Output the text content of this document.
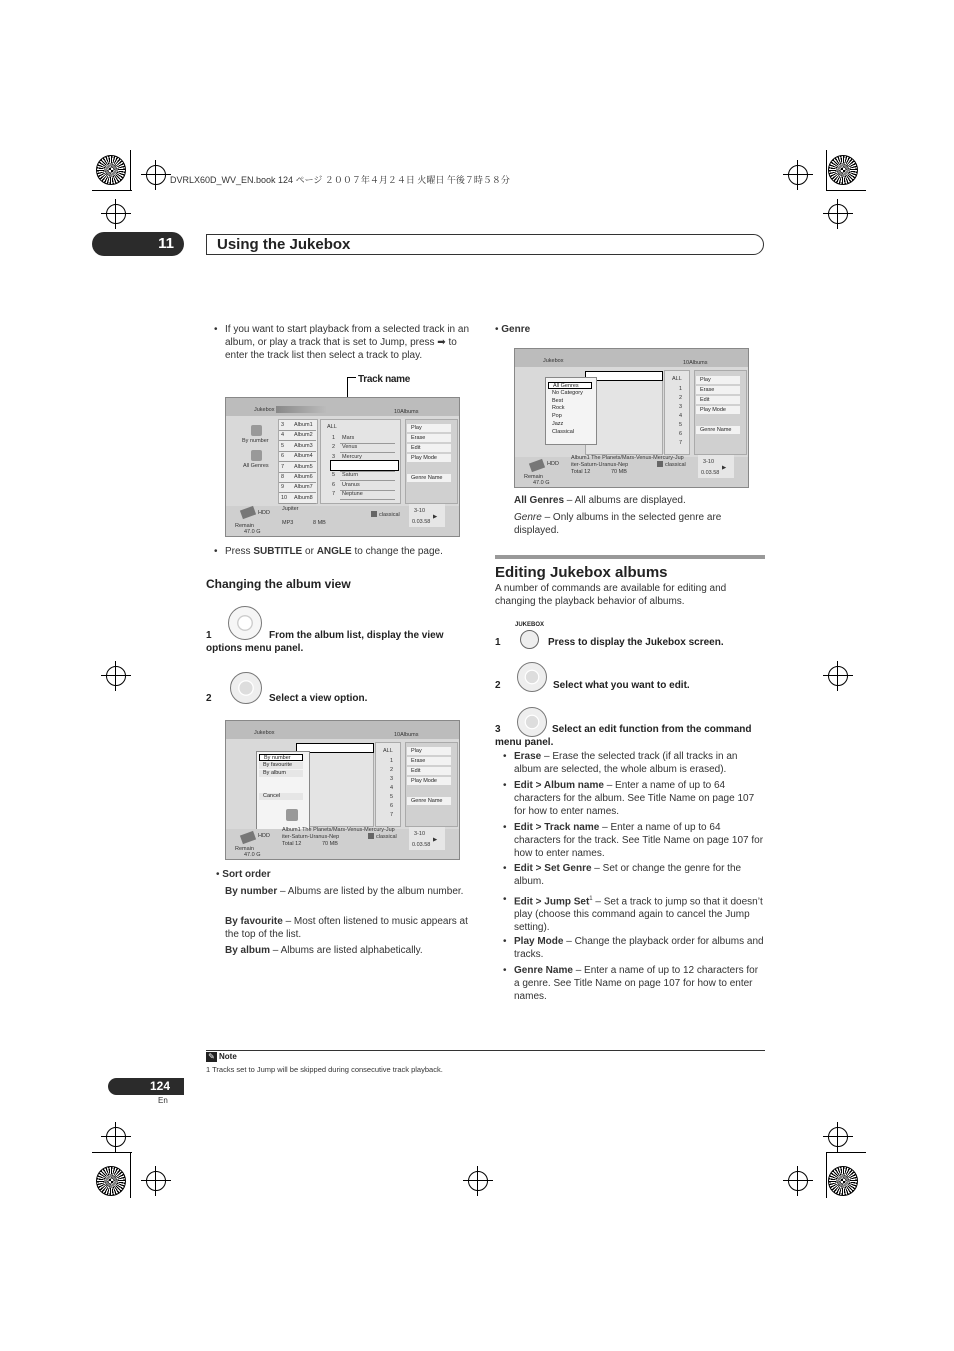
DVRLX60D_WV_EN.book 124 ページ ２００７年４月２４日 火曜日 午後７時５８分
11	Using the Jukebox
• If you want to start playback from a selected track in an album, or play a track that is set to Jump, press ➡ to enter the track list then select a track to play.
Track name
Jukebox	10Albums
By number
All Genres
3 Album1
4 Album2
5 Album3
6 Album4
7 Album5
8 Album6
9 Album7
10 Album8
ALL
1 Mars
2 Venus
3 Mercury
5 Saturn
6 Uranus
7 Neptune
Play
Erase
Edit
Play Mode
Genre Name
HDD
Remain
47.0 G
Jupiter
MP3	8 MB
classical
3-10
0.03.58
▶
• Press SUBTITLE or ANGLE to change the page.
Changing the album view
1	From the album list, display the view options menu panel.
2	Select a view option.
Jukebox	10Albums
ALL
1
2
3
4
5
6
7
Play
Erase
Edit
Play Mode
Genre Name
By number
By favourite
By album
Cancel
HDD
Remain
47.0 G
Album1 The Planets/Mars-Venus-Mercury-Jup
iter-Saturn-Uranus-Nep
Total 12	70 MB
classical	3-10
0.03.58
▶
• Sort order
By number – Albums are listed by the album number.
By favourite – Most often listened to music appears at the top of the list.
By album – Albums are listed alphabetically.
• Genre
Jukebox	10Albums
ALL
1
2
3
4
5
6
7
Play
Erase
Edit
Play Mode
Genre Name
All Genres
No Category
Best
Rock
Pop
Jazz
Classical
HDD
Remain
47.0 G
Album1 The Planets/Mars-Venus-Mercury-Jup
iter-Saturn-Uranus-Nep
Total 12	70 MB
classical	3-10
0.03.58
▶
All Genres – All albums are displayed.
Genre – Only albums in the selected genre are displayed.
Editing Jukebox albums
A number of commands are available for editing and changing the playback behavior of albums.
JUKEBOX
1	Press to display the Jukebox screen.
2	Select what you want to edit.
3	Select an edit function from the command menu panel.
• Erase – Erase the selected track (if all tracks in an album are selected, the whole album is erased).
• Edit > Album name – Enter a name of up to 64 characters for the album. See Title Name on page 107 for how to enter names.
• Edit > Track name – Enter a name of up to 64 characters for the track. See Title Name on page 107 for how to enter names.
• Edit > Set Genre – Set or change the genre for the album.
• Edit > Jump Set$^1$ – Set a track to jump so that it doesn’t play (choose this command again to cancel the Jump setting).
• Play Mode – Change the playback order for albums and tracks.
• Genre Name – Enter a name of up to 12 characters for a genre. See Title Name on page 107 for how to enter names.
✎ Note
1 Tracks set to Jump will be skipped during consecutive track playback.
124
En
